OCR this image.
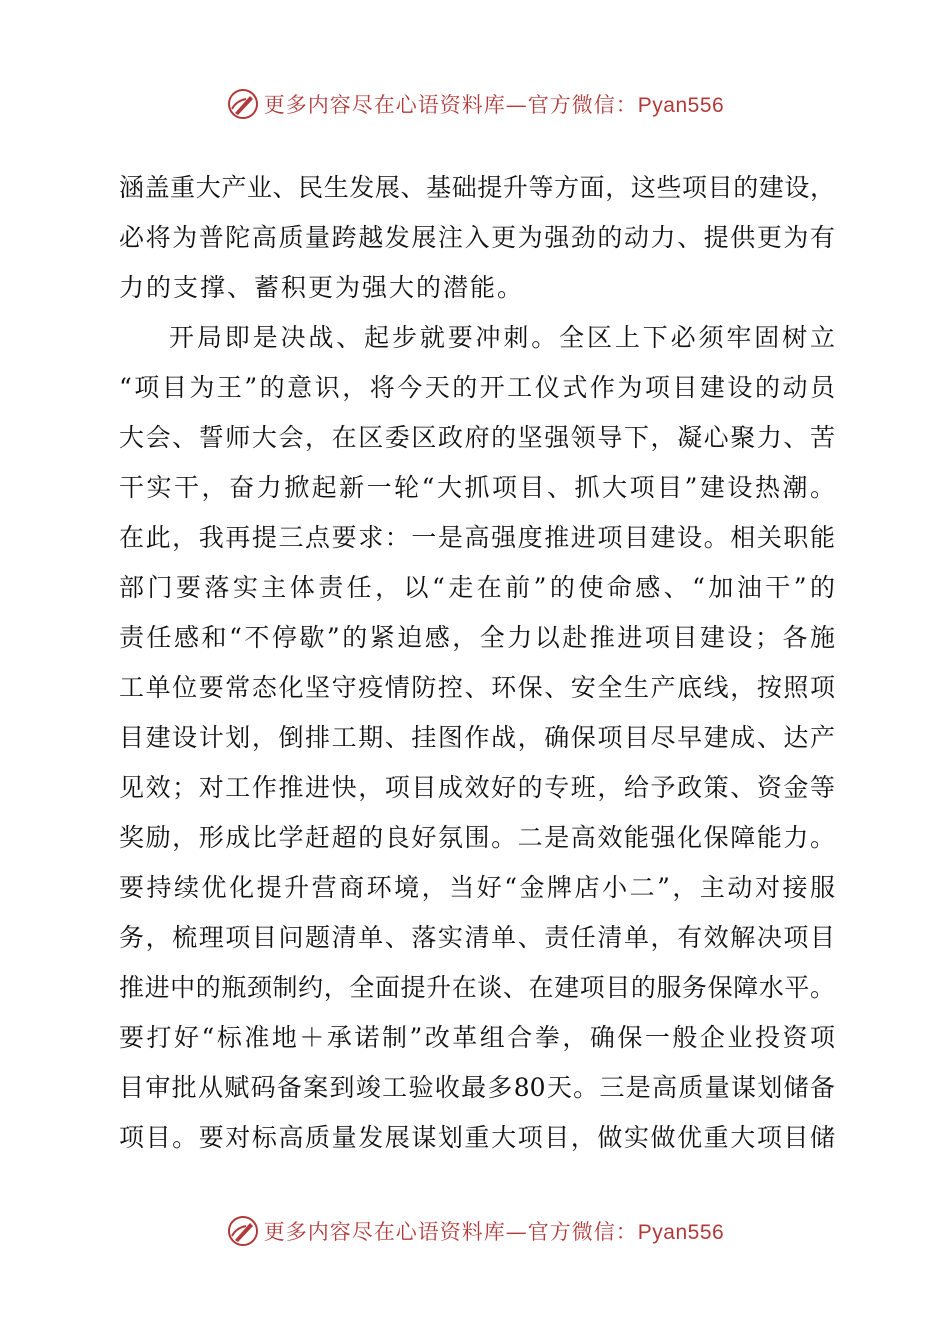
更多内容尽在心语资料库—官方微信：Pyan556
涵盖重大产业、民生发展、基础提升等方面，这些项目的建设，
必将为普陀高质量跨越发展注入更为强劲的动力、提供更为有
力的支撑、蓄积更为强大的潜能。
开局即是决战、起步就要冲刺。全区上下必须牢固树立
“项目为王”的意识，将今天的开工仪式作为项目建设的动员
大会、誓师大会，在区委区政府的坚强领导下，凝心聚力、苦
干实干，奋力掀起新一轮“大抓项目、抓大项目”建设热潮。
在此，我再提三点要求：一是高强度推进项目建设。相关职能
部门要落实主体责任，以“走在前”的使命感、“加油干”的
责任感和“不停歇”的紧迫感，全力以赴推进项目建设；各施
工单位要常态化坚守疫情防控、环保、安全生产底线，按照项
目建设计划，倒排工期、挂图作战，确保项目尽早建成、达产
见效；对工作推进快，项目成效好的专班，给予政策、资金等
奖励，形成比学赶超的良好氛围。二是高效能强化保障能力。
要持续优化提升营商环境，当好“金牌店小二”，主动对接服
务，梳理项目问题清单、落实清单、责任清单，有效解决项目
推进中的瓶颈制约，全面提升在谈、在建项目的服务保障水平。
要打好“标准地＋承诺制”改革组合拳，确保一般企业投资项
目审批从赋码备案到竣工验收最多80天。三是高质量谋划储备
项目。要对标高质量发展谋划重大项目，做实做优重大项目储
更多内容尽在心语资料库—官方微信：Pyan556
